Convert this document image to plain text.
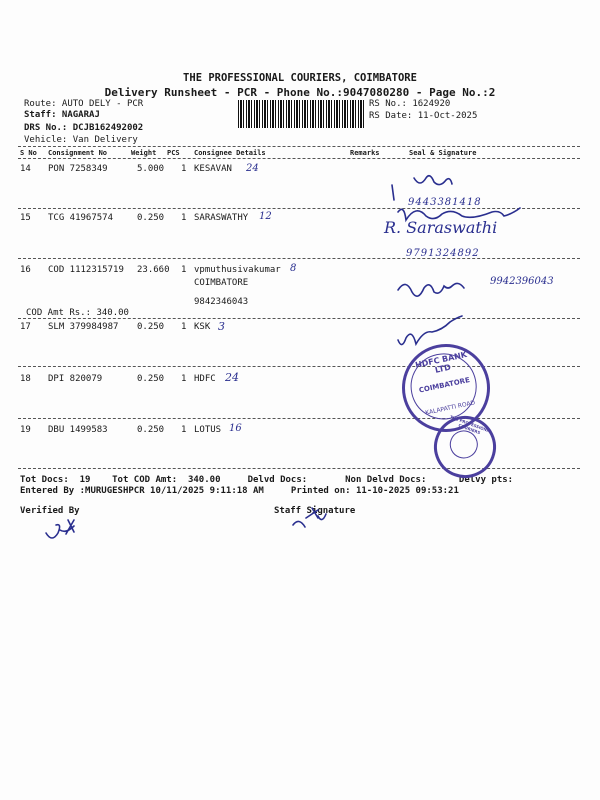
THE PROFESSIONAL COURIERS, COIMBATORE
Delivery Runsheet - PCR - Phone No.:9047080280 - Page No.:2
Route: AUTO DELY - PCR
Staff: NAGARAJ
DRS No.: DCJB162492002
Vehicle: Van Delivery
RS No.: 1624920
RS Date: 11-Oct-2025
S No Consignment No	Weight PCS Consignee Details	Remarks	Seal & Signature
14 PON 7258349	5.000 1 KESAVAN 24
15 TCG 41967574	0.250 1 SARASWATHY 12
16 COD 1112315719 23.660 1 vpmuthusivakumar 8
COIMBATORE
9842346043
COD Amt Rs.: 340.00
17 SLM 379984987 0.250 1 KSK 3
18 DPI 820079	0.250 1 HDFC 24
19 DBU 1499583	0.250 1 LOTUS 16
Tot Docs:  19    Tot COD Amt:  340.00     Delvd Docs:       Non Delvd Docs:      Delvy pts:
Entered By :MURUGESHPCR 10/11/2025 9:11:18 AM     Printed on: 11-10-2025 09:53:21
Verified By	Staff Signature
9443381418
R. Saraswathi
9791324892
9942396043
HDFC BANK LTD
COIMBATORE
KALAPATTI ROAD
THE PROFESSIONAL COURIERS
